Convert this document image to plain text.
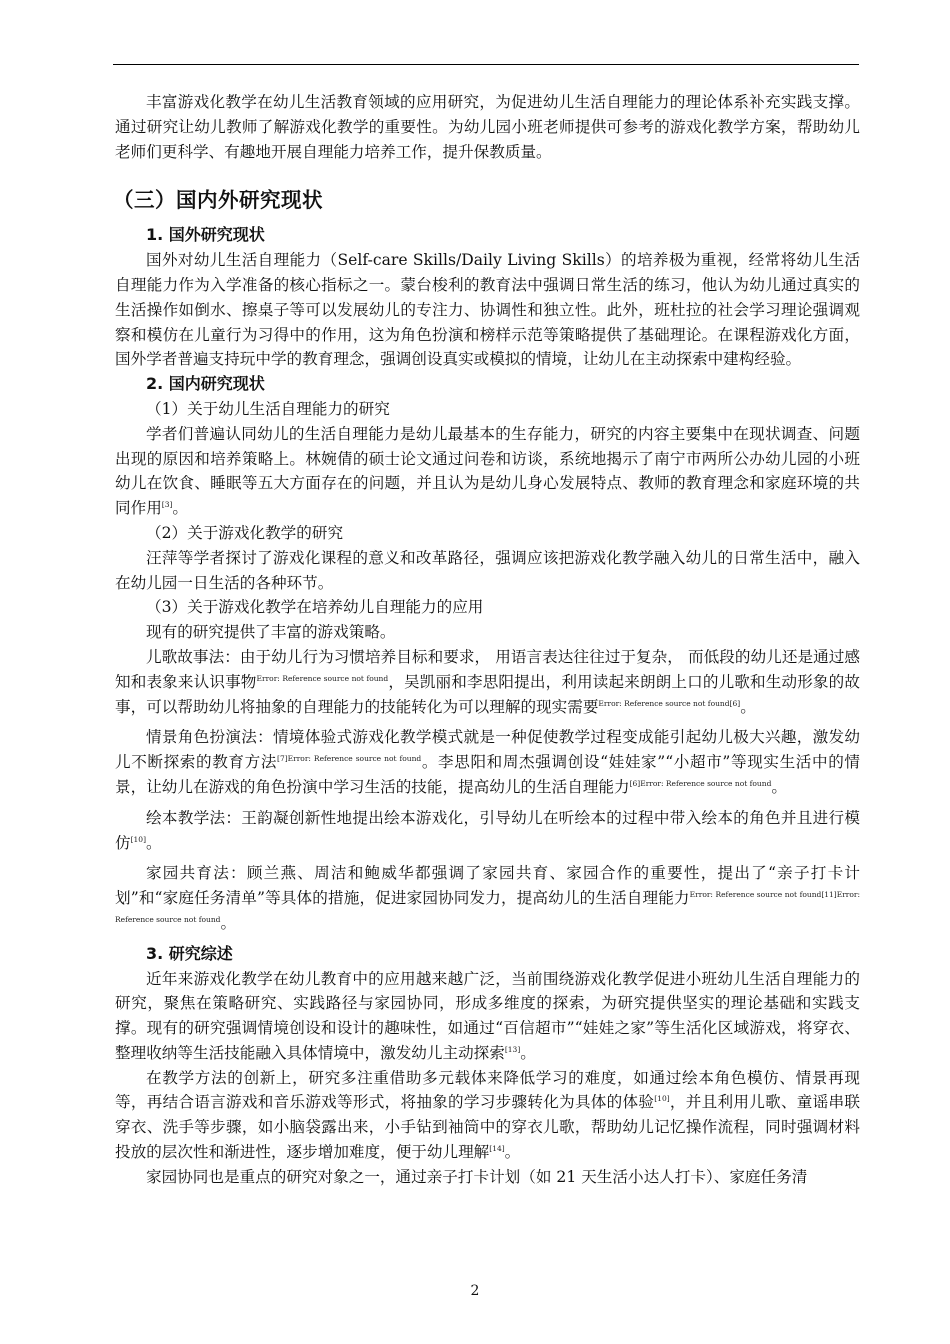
丰富游戏化教学在幼儿生活教育领域的应用研究，为促进幼儿生活自理能力的理论体系补充实践支撑。通过研究让幼儿教师了解游戏化教学的重要性。为幼儿园小班老师提供可参考的游戏化教学方案，帮助幼儿老师们更科学、有趣地开展自理能力培养工作，提升保教质量。

（三）国内外研究现状
1. 国外研究现状

国外对幼儿生活自理能力（Self-care Skills/Daily Living Skills）的培养极为重视，经常将幼儿生活自理能力作为入学准备的核心指标之一。蒙台梭利的教育法中强调日常生活的练习，他认为幼儿通过真实的生活操作如倒水、擦桌子等可以发展幼儿的专注力、协调性和独立性。此外，班杜拉的社会学习理论强调观察和模仿在儿童行为习得中的作用，这为角色扮演和榜样示范等策略提供了基础理论。在课程游戏化方面，国外学者普遍支持玩中学的教育理念，强调创设真实或模拟的情境，让幼儿在主动探索中建构经验。

2. 国内研究现状

（1）关于幼儿生活自理能力的研究

学者们普遍认同幼儿的生活自理能力是幼儿最基本的生存能力，研究的内容主要集中在现状调查、问题出现的原因和培养策略上。林婉倩的硕士论文通过问卷和访谈，系统地揭示了南宁市两所公办幼儿园的小班幼儿在饮食、睡眠等五大方面存在的问题，并且认为是幼儿身心发展特点、教师的教育理念和家庭环境的共同作用[3]。

（2）关于游戏化教学的研究

汪萍等学者探讨了游戏化课程的意义和改革路径，强调应该把游戏化教学融入幼儿的日常生活中，融入在幼儿园一日生活的各种环节。

（3）关于游戏化教学在培养幼儿自理能力的应用

现有的研究提供了丰富的游戏策略。

儿歌故事法：由于幼儿行为习惯培养目标和要求， 用语言表达往往过于复杂， 而低段的幼儿还是通过感知和表象来认识事物$^{Error: Reference source not found}$，吴凯丽和李思阳提出，利用读起来朗朗上口的儿歌和生动形象的故事，可以帮助幼儿将抽象的自理能力的技能转化为可以理解的现实需要$^{Error: Reference source not found[6]}$。

情景角色扮演法：情境体验式游戏化教学模式就是一种促使教学过程变成能引起幼儿极大兴趣，激发幼儿不断探索的教育方法$^{[7]Error: Reference source not found}$。李思阳和周杰强调创设“娃娃家”“小超市”等现实生活中的情景，让幼儿在游戏的角色扮演中学习生活的技能，提高幼儿的生活自理能力$^{[6]Error: Reference source not found}$。

绘本教学法：王韵凝创新性地提出绘本游戏化，引导幼儿在听绘本的过程中带入绘本的角色并且进行模仿[10]。

家园共育法：顾兰燕、周洁和鲍威华都强调了家园共育、家园合作的重要性，提出了“亲子打卡计划”和“家庭任务清单”等具体的措施，促进家园协同发力，提高幼儿的生活自理能力$^{Error: Reference source not found[11]Error: Reference source not found}$。

3. 研究综述

近年来游戏化教学在幼儿教育中的应用越来越广泛，当前围绕游戏化教学促进小班幼儿生活自理能力的研究，聚焦在策略研究、实践路径与家园协同，形成多维度的探索，为研究提供坚实的理论基础和实践支撑。现有的研究强调情境创设和设计的趣味性，如通过“百信超市”“娃娃之家”等生活化区域游戏，将穿衣、整理收纳等生活技能融入具体情境中，激发幼儿主动探索[13]。

在教学方法的创新上，研究多注重借助多元载体来降低学习的难度，如通过绘本角色模仿、情景再现等，再结合语言游戏和音乐游戏等形式，将抽象的学习步骤转化为具体的体验[10]，并且利用儿歌、童谣串联穿衣、洗手等步骤，如小脑袋露出来，小手钻到袖筒中的穿衣儿歌，帮助幼儿记忆操作流程，同时强调材料投放的层次性和渐进性，逐步增加难度，便于幼儿理解[14]。

家园协同也是重点的研究对象之一，通过亲子打卡计划（如 21 天生活小达人打卡）、家庭任务清

2
